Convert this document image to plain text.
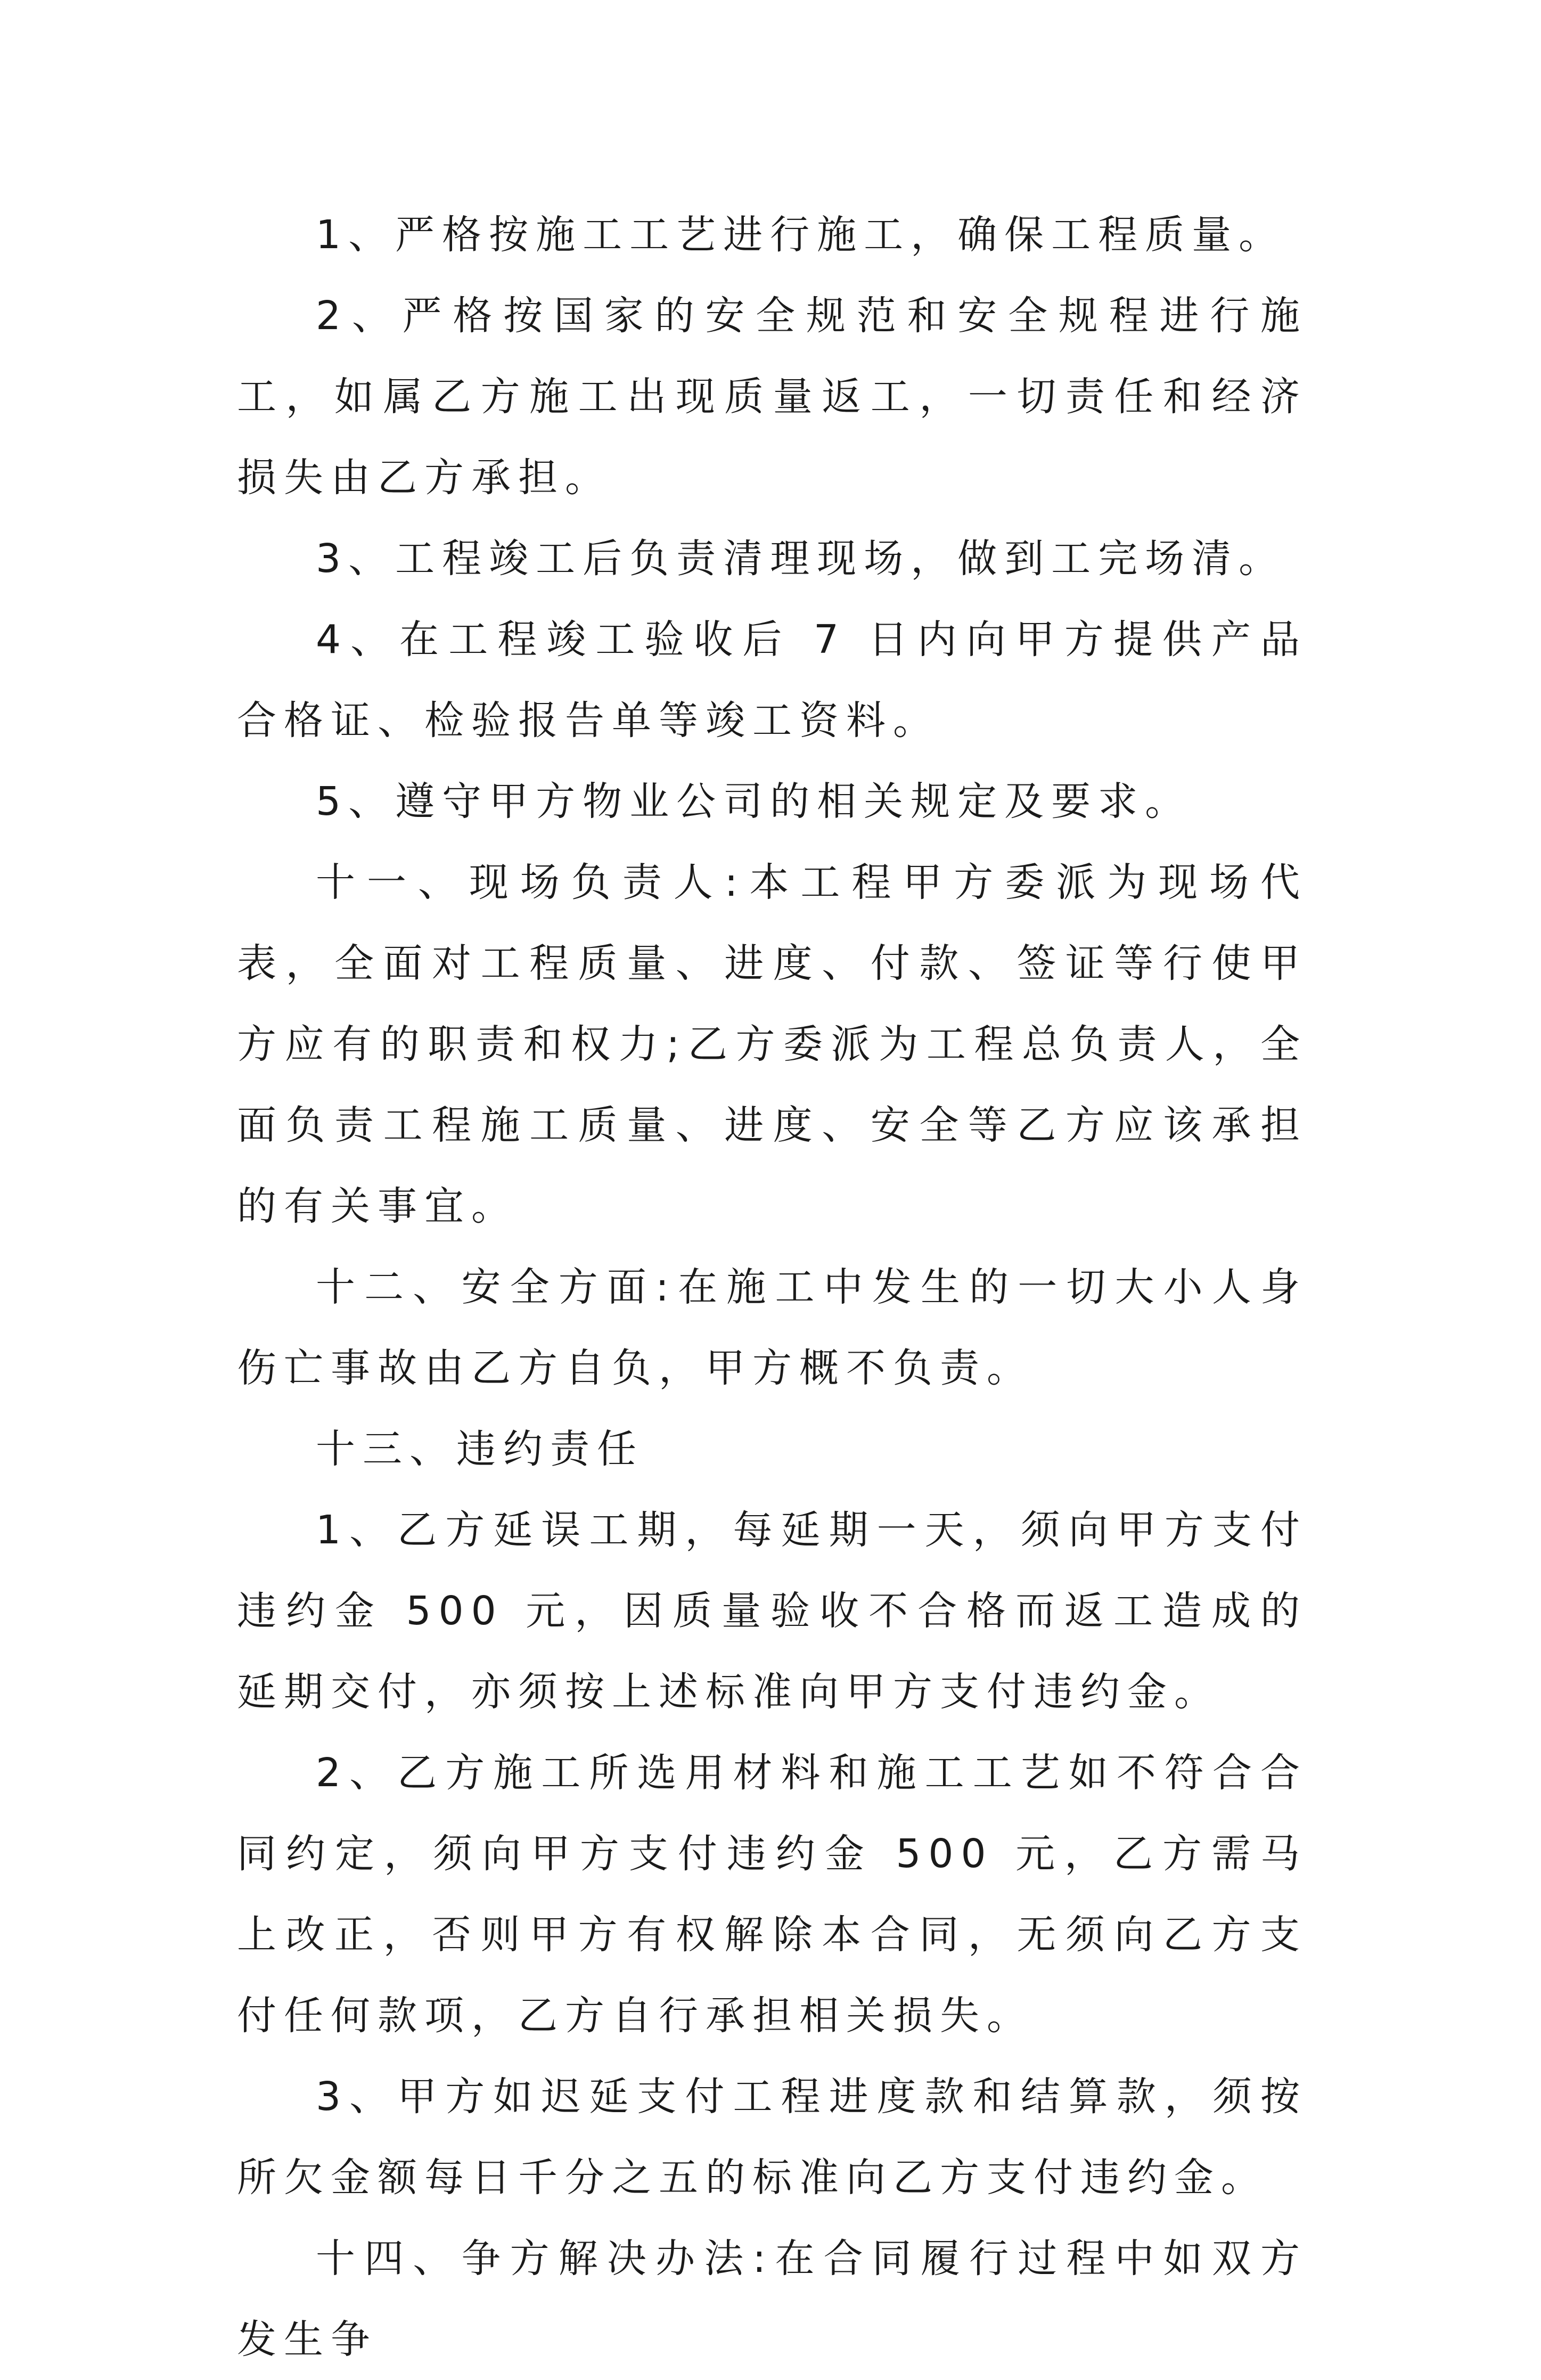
1、严格按施工工艺进行施工，确保工程质量。

2、严格按国家的安全规范和安全规程进行施工，如属乙方施工出现质量返工，一切责任和经济损失由乙方承担。

3、工程竣工后负责清理现场，做到工完场清。

4、在工程竣工验收后 7 日内向甲方提供产品合格证、检验报告单等竣工资料。

5、遵守甲方物业公司的相关规定及要求。

十一、现场负责人:本工程甲方委派为现场代表，全面对工程质量、进度、付款、签证等行使甲方应有的职责和权力;乙方委派为工程总负责人，全面负责工程施工质量、进度、安全等乙方应该承担的有关事宜。

十二、安全方面:在施工中发生的一切大小人身伤亡事故由乙方自负，甲方概不负责。

十三、违约责任

1、乙方延误工期，每延期一天，须向甲方支付违约金 500 元，因质量验收不合格而返工造成的延期交付，亦须按上述标准向甲方支付违约金。

2、乙方施工所选用材料和施工工艺如不符合合同约定，须向甲方支付违约金 500 元，乙方需马上改正，否则甲方有权解除本合同，无须向乙方支付任何款项，乙方自行承担相关损失。

3、甲方如迟延支付工程进度款和结算款，须按所欠金额每日千分之五的标准向乙方支付违约金。

十四、争方解决办法:在合同履行过程中如双方发生争
